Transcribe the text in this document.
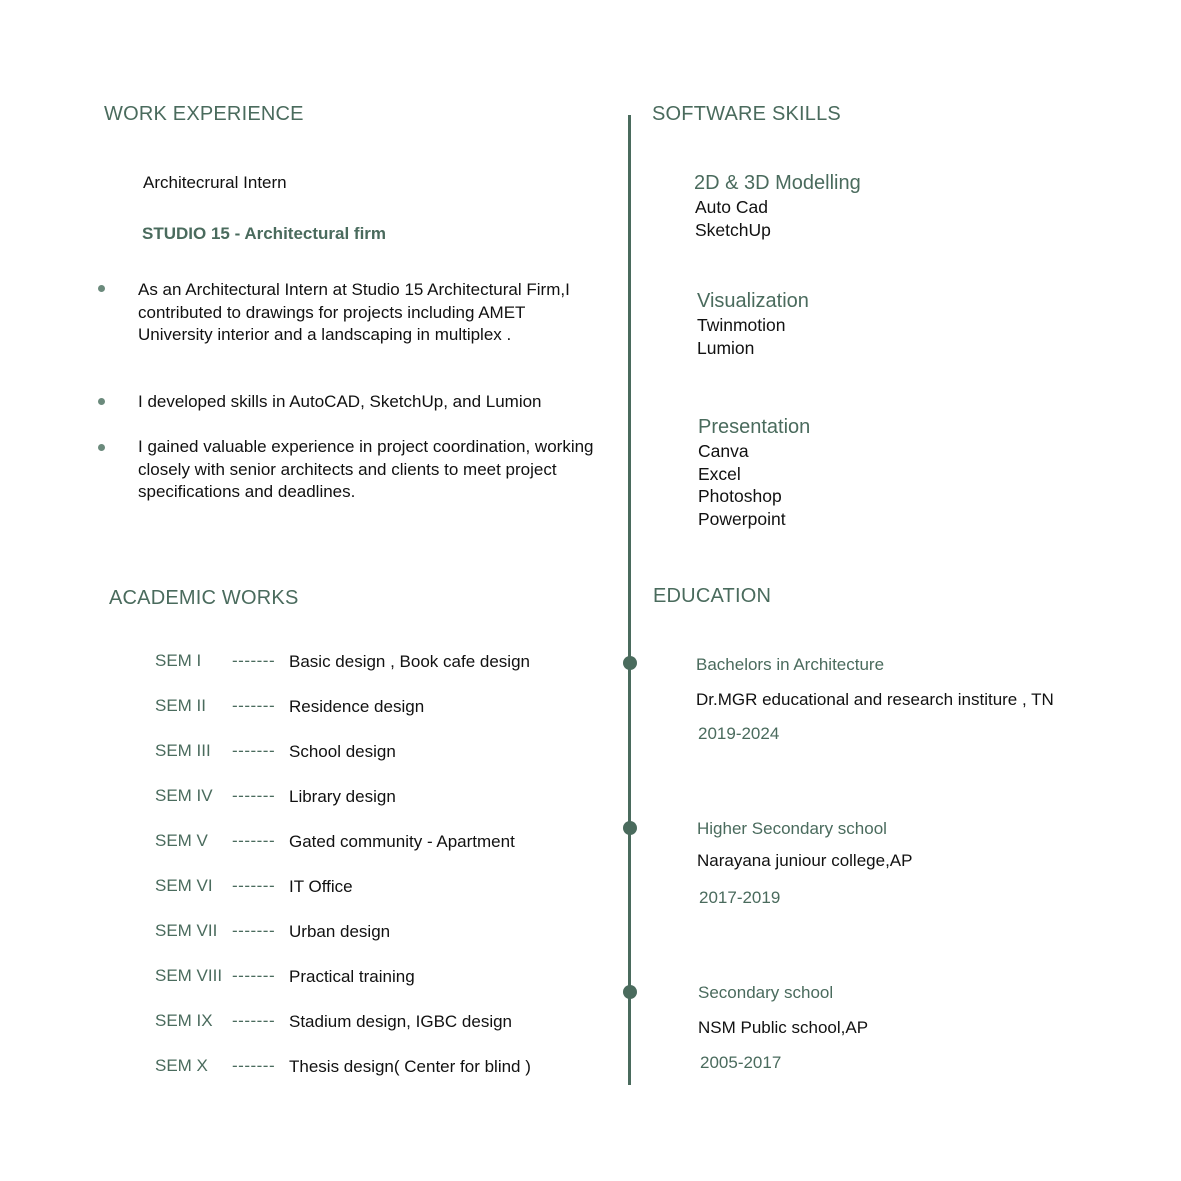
WORK EXPERIENCE
Architecrural Intern
STUDIO 15 - Architectural firm
As an Architectural Intern at Studio 15 Architectural Firm,I contributed to drawings for projects including AMET University interior and a landscaping in multiplex .
I developed skills in AutoCAD, SketchUp, and Lumion
I gained valuable experience in project coordination, working closely with senior architects and clients to meet project specifications and deadlines.
ACADEMIC WORKS
SEM I ------- Basic design , Book cafe design
SEM II ------- Residence design
SEM III ------- School design
SEM IV ------- Library design
SEM V ------- Gated community - Apartment
SEM VI ------- IT Office
SEM VII ------- Urban design
SEM VIII ------- Practical training
SEM IX ------- Stadium design, IGBC design
SEM X ------- Thesis design( Center for blind )
SOFTWARE SKILLS
2D & 3D Modelling
Auto Cad
SketchUp
Visualization
Twinmotion
Lumion
Presentation
Canva
Excel
Photoshop
Powerpoint
EDUCATION
Bachelors in Architecture
Dr.MGR educational and research institure , TN
2019-2024
Higher Secondary school
Narayana juniour college,AP
2017-2019
Secondary school
NSM Public school,AP
2005-2017
